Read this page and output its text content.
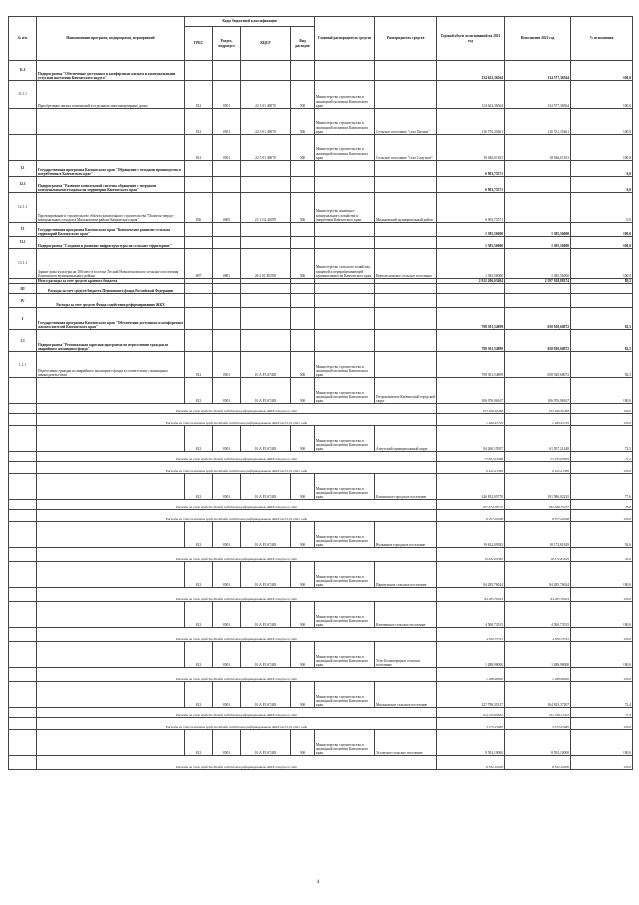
№ п/п	Наименование программ, подпрограмм, мероприятий	Коды бюджетной классификации				Главный распорядитель средств	Распорядитель средств	Годовой объем ассигнований на 2021 год	Исполнение 2021 год	% исполнения
		ГРБС	Раздел, подраздел	КЦСР	Вид расходов					
11.1	Подпрограмма "Обеспечение доступным и комфортным жильем и коммунальными услугами населения Камчатского округа"							134 622,36564	134 577,36564	100,0
11.1.1	Приобретение жилых помещений в отдельных многоквартирных домах	812	0501	22 3 01 40070	500	Министерство строительства и жилищной политики Камчатского края		134 622,36564	134 577,36564	100,0
		812	0501	22 3 01 40070	500	Министерство строительства и жилищной политики Камчатского края	Сельское поселение "село Пахачи"	116 576,35461	116 531,35461	100,0
		812	0501	22 3 01 40070	500	Министерство строительства и жилищной политики Камчатского края	Сельское поселение "село Слаутное"	18 046,01103	18 046,01103	100,0
12	Государственная программа Камчатского края "Обращение с отходами производства и потребления в Камчатском крае"							6 903,75571		0,0
12.1	Подпрограмма "Развитие комплексной системы обращения с твердыми коммунальными отходами на территории Камчатского края"							6 903,75571		0,0
12.1.1	Проектирование и строительство объекта капитального строительства "Полигон твердо-коммунальных отходов в Мильковском районе Камчатского края"	830	0605	23 1 G2 40070	500	Министерство жилищно-коммунального хозяйства и энергетики Камчатского края	Мильковский муниципальный район	6 903,75571		0,0
13	Государственная программа Камчатского края "Комплексное развитие сельских территорий Камчатского края"							1 385,56000	1 385,56000	100,0
13.1	Подпрограмма "Создание и развитие инфраструктуры на сельских территориях"							1 385,56000	1 385,56000	100,0
13.1.1	Здание дома культуры на 100 мест в поселке Лесной Новолесновского сельского поселения Елизовского муниципального района	807	0801	26 3 01 R5760	500	Министерство сельского хозяйства, пищевой и перерабатывающей промышленности Камчатского края	Новолесновское сельское поселение	1 385,56000	1 385,56000	100,0
	Итого расходы за счет средств краевого бюджета							2 912 206,63404	2 597 918,88174	89,2
III	Расходы за счет средств бюджета Пенсионного фонда Российской Федерации									
IV	Расходы за счет средств Фонда содействия реформированию ЖКХ									
I	Государственная программа Камчатского края "Обеспечение доступным и комфортным жильем жителей Камчатского края"							798 391,54899	658 920,68072	82,5
1.1	Подпрограмма "Региональная адресная программа по переселению граждан из аварийного жилищного фонда"							798 391,54899	658 920,68072	82,5
1.1.1	Переселение граждан из аварийного жилищного фонда в соответствии с жилищным законодательством	812	0501	10 А F3 67483	500	Министерство строительства и жилищной политики Камчатского края		798 391,54899	658 920,68072	82,5
		812	0501	10 А F3 67483	500	Министерство строительства и жилищной политики Камчатского края	Петропавловск-Камчатский городской округ	106 976,96167	106 976,96167	100,0
	Расходы за счет средств Фонда содействия реформированию ЖКХ текущего года							105 496,50438	105 496,50438	100,0
	Расходы за счет остатков средств Фонда содействия реформированию ЖКХ на 01.01.2021 года							1 480,45729	1 480,45729	100,0
		812	0501	10 А F3 67483	500	Министерство строительства и жилищной политики Камчатского края	Алеутский муниципальный округ	84 260,15957	61 057,21448	72,5
	Расходы за счет средств Фонда содействия реформированию ЖКХ текущего года							77 837,94368	55 435,09859	71,2
	Расходы за счет остатков средств Фонда содействия реформированию ЖКХ на 01.01.2021 года							6 422,21589	6 422,21589	100,0
		812	0501	10 А F3 67483	500	Министерство строительства и жилищной политики Камчатского края	Елизовское городское поселение	246 832,05770	191 586,02235	77,6
	Расходы за счет средств Фонда содействия реформированию ЖКХ текущего года							237 874,78772	182 608,75237	76,8
	Расходы за счет остатков средств Фонда содействия реформированию ЖКХ на 01.01.2021 года							8 957,26998	8 977,26998	100,0
		812	0501	10 А F3 67483	500	Министерство строительства и жилищной политики Камчатского края	Вулканное городское поселение	19 632,09382	18 172,81629	92,6
	Расходы за счет средств Фонда содействия реформированию ЖКХ текущего года							19 632,09382	18 172,81629	92,6
		812	0501	10 А F3 67483	500	Министерство строительства и жилищной политики Камчатского края	Паратунское сельское поселение	84 285,76024	84 285,76024	100,0
	Расходы за счет средств Фонда содействия реформированию ЖКХ текущего года							84 285,76024	84 285,76024	100,0
		812	0501	10 А F3 67483	500	Министерство строительства и жилищной политики Камчатского края	Ключевское сельское поселение	4 500,73515	4 500,73515	100,0
	Расходы за счет средств Фонда содействия реформированию ЖКХ текущего года							4 500,73515	4 500,73515	100,0
		812	0501	10 А F3 67483	500	Министерство строительства и жилищной политики Камчатского края	Усть-Большерецкое сельское поселение	1 288,98000	1 288,98000	100,0
	Расходы за счет средств Фонда содействия реформированию ЖКХ текущего года							1 288,98000	1 288,98000	100,0
		812	0501	10 А F3 67483	500	Министерство строительства и жилищной политики Камчатского края	Мильковское сельское поселение	227 798,35317	164 825,37207	72,4
	Расходы за счет средств Фонда содействия реформированию ЖКХ текущего года							224 223,09632	161 250,11522	71,9
	Расходы за счет остатков средств Фонда содействия реформированию ЖКХ на 01.01.2021 года							3 575,25685	3 575,25685	100,0
		812	0501	10 А F3 67483	500	Министерство строительства и жилищной политики Камчатского края	Эссовское сельское поселение	8 592,10000	8 592,10000	100,0
	Расходы за счет средств Фонда содействия реформированию ЖКХ текущего года							8 592,10000	8 592,10000	100,0
4
